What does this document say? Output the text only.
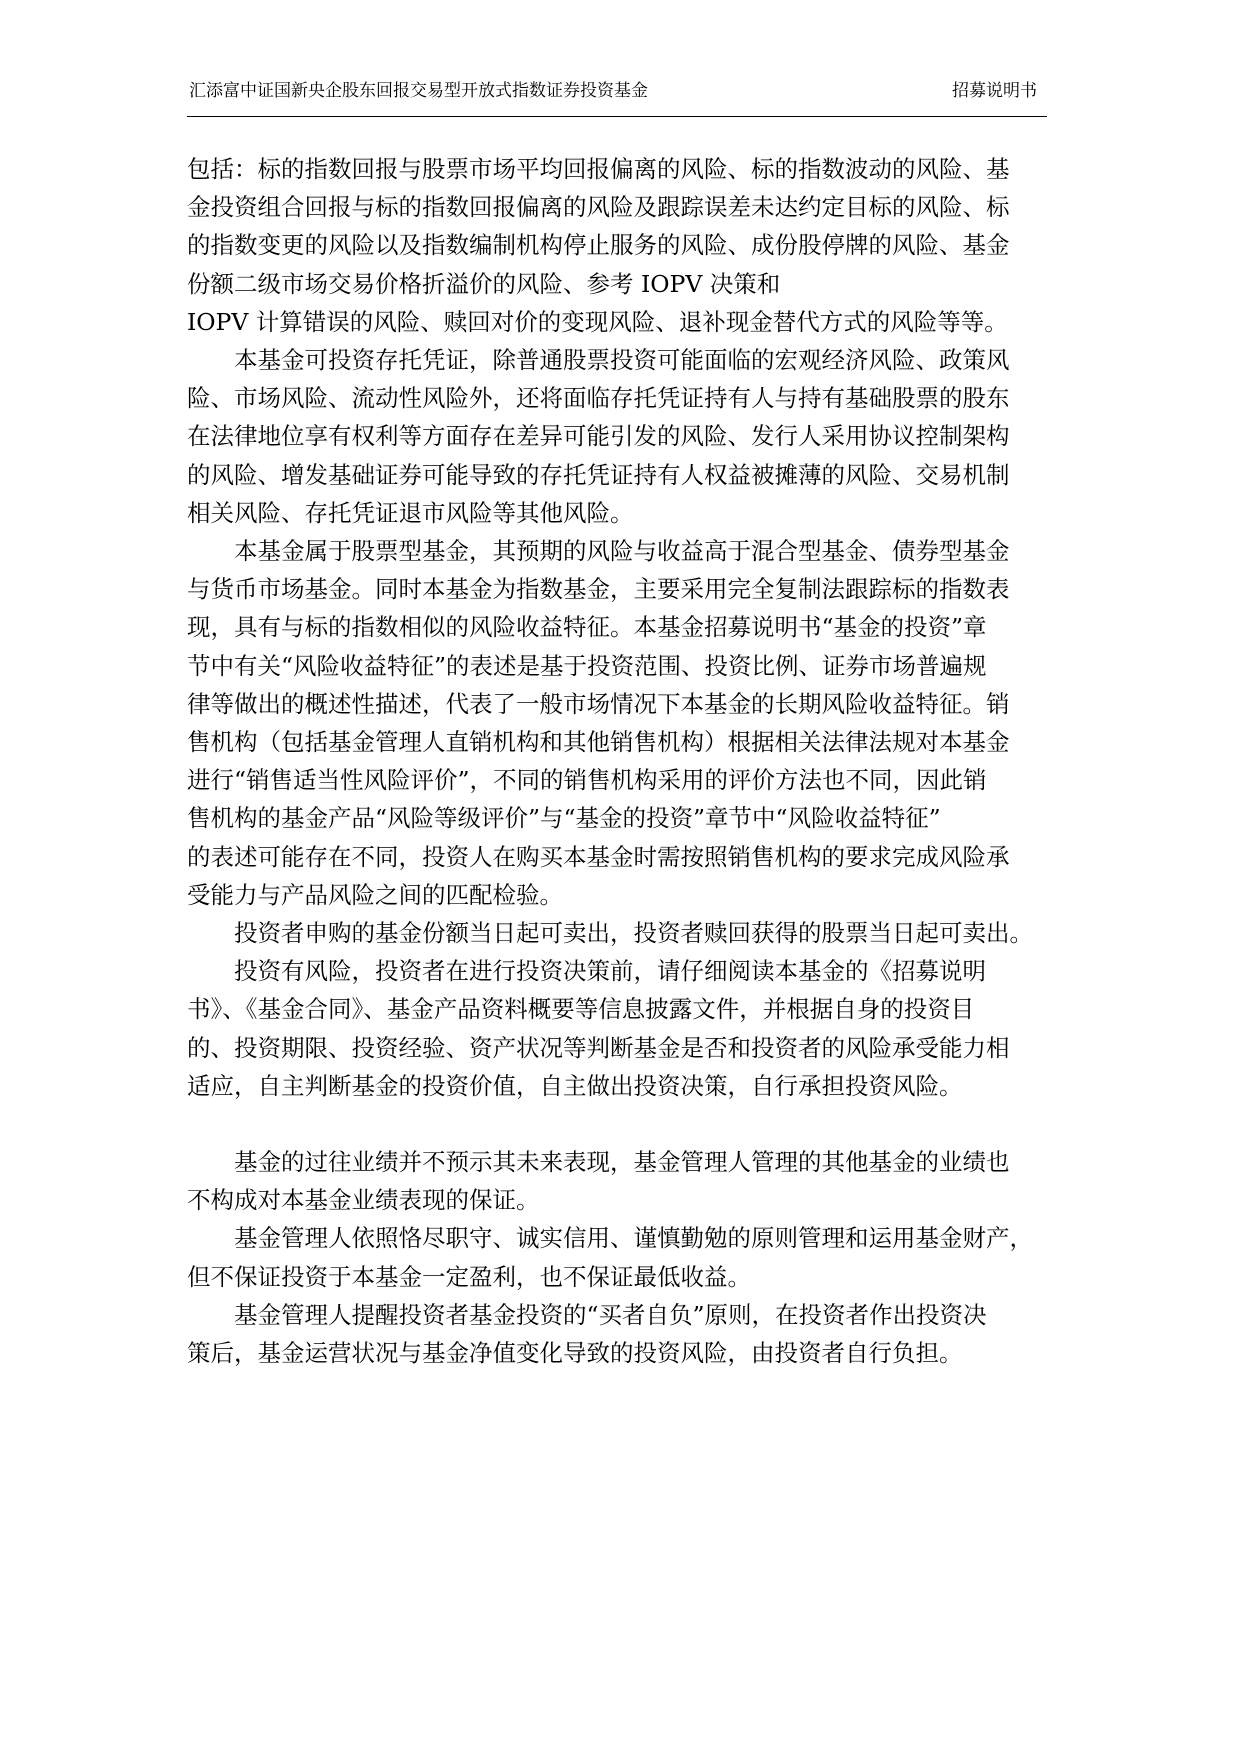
汇添富中证国新央企股东回报交易型开放式指数证券投资基金	招募说明书
包括：标的指数回报与股票市场平均回报偏离的风险、标的指数波动的风险、基
金投资组合回报与标的指数回报偏离的风险及跟踪误差未达约定目标的风险、标
的指数变更的风险以及指数编制机构停止服务的风险、成份股停牌的风险、基金
份额二级市场交易价格折溢价的风险、参考 IOPV 决策和
IOPV 计算错误的风险、赎回对价的变现风险、退补现金替代方式的风险等等。
本基金可投资存托凭证，除普通股票投资可能面临的宏观经济风险、政策风
险、市场风险、流动性风险外，还将面临存托凭证持有人与持有基础股票的股东
在法律地位享有权利等方面存在差异可能引发的风险、发行人采用协议控制架构
的风险、增发基础证券可能导致的存托凭证持有人权益被摊薄的风险、交易机制
相关风险、存托凭证退市风险等其他风险。
本基金属于股票型基金，其预期的风险与收益高于混合型基金、债券型基金
与货币市场基金。同时本基金为指数基金，主要采用完全复制法跟踪标的指数表
现，具有与标的指数相似的风险收益特征。本基金招募说明书“基金的投资”章
节中有关“风险收益特征”的表述是基于投资范围、投资比例、证券市场普遍规
律等做出的概述性描述，代表了一般市场情况下本基金的长期风险收益特征。销
售机构（包括基金管理人直销机构和其他销售机构）根据相关法律法规对本基金
进行“销售适当性风险评价”，不同的销售机构采用的评价方法也不同，因此销
售机构的基金产品“风险等级评价”与“基金的投资”章节中“风险收益特征”
的表述可能存在不同，投资人在购买本基金时需按照销售机构的要求完成风险承
受能力与产品风险之间的匹配检验。
投资者申购的基金份额当日起可卖出，投资者赎回获得的股票当日起可卖出。
投资有风险，投资者在进行投资决策前，请仔细阅读本基金的《招募说明
书》、《基金合同》、基金产品资料概要等信息披露文件，并根据自身的投资目
的、投资期限、投资经验、资产状况等判断基金是否和投资者的风险承受能力相
适应，自主判断基金的投资价值，自主做出投资决策，自行承担投资风险。
基金的过往业绩并不预示其未来表现，基金管理人管理的其他基金的业绩也
不构成对本基金业绩表现的保证。
基金管理人依照恪尽职守、诚实信用、谨慎勤勉的原则管理和运用基金财产，
但不保证投资于本基金一定盈利，也不保证最低收益。
基金管理人提醒投资者基金投资的“买者自负”原则，在投资者作出投资决
策后，基金运营状况与基金净值变化导致的投资风险，由投资者自行负担。
